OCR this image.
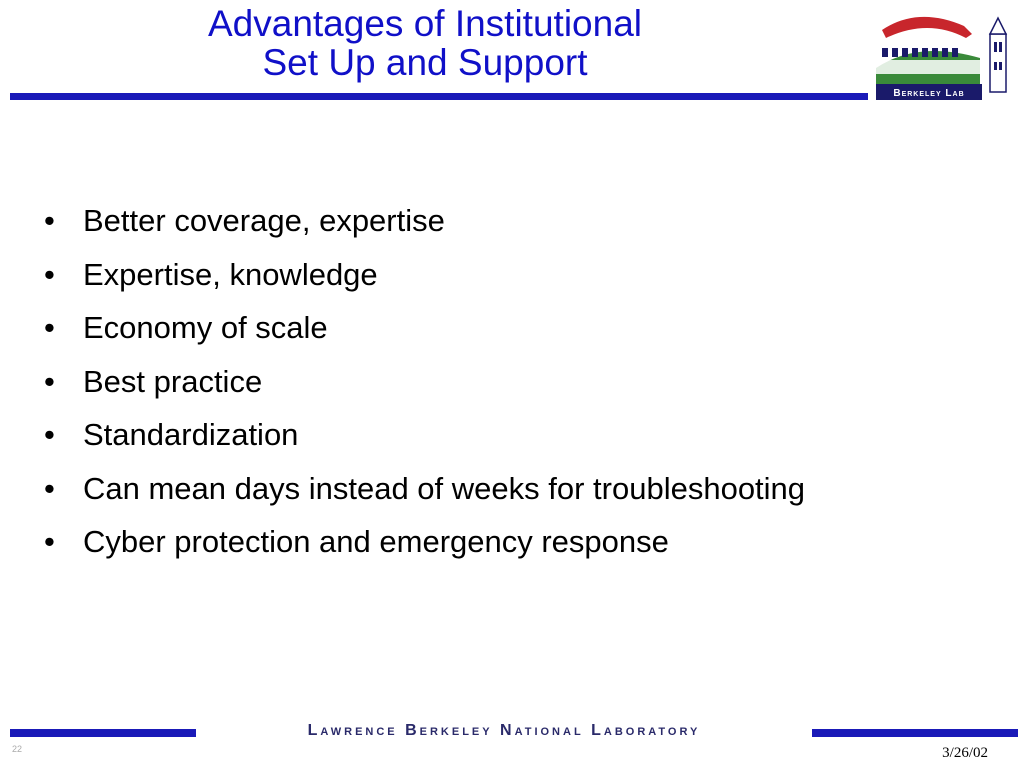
Advantages of Institutional
Set Up and Support
Berkeley Lab
• Better coverage, expertise
• Expertise, knowledge
• Economy of scale
• Best practice
• Standardization
• Can mean days instead of weeks for troubleshooting
• Cyber protection and emergency response
Lawrence Berkeley National Laboratory
22	3/26/02
